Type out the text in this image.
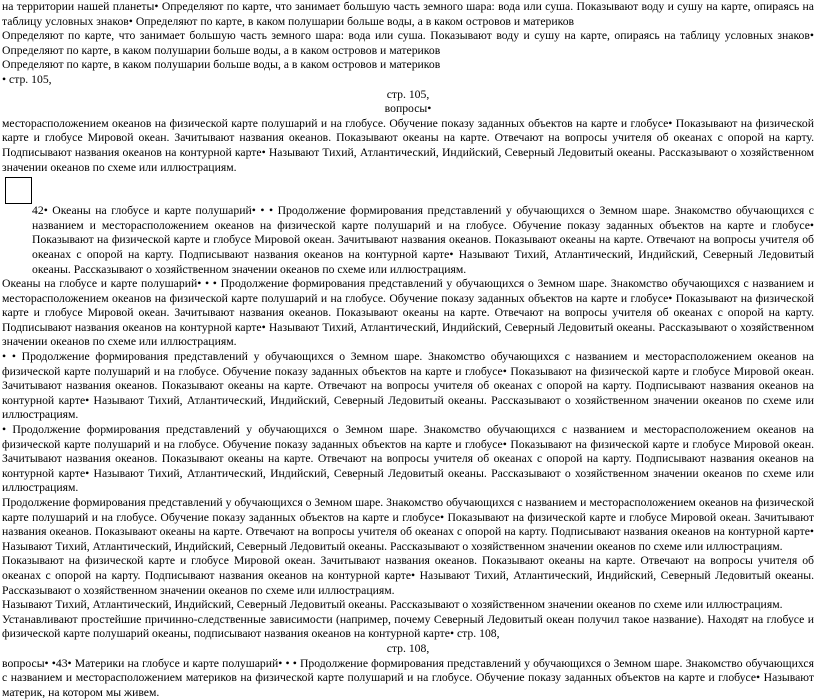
на территории нашей планеты• Определяют по карте, что занимает большую часть земного шара: вода или суша. Показывают воду и сушу на карте, опираясь на таблицу условных знаков• Определяют по карте, в каком полушарии больше воды, а в каком островов и материков

Определяют по карте, что занимает большую часть земного шара: вода или суша. Показывают воду и сушу на карте, опираясь на таблицу условных знаков• Определяют по карте, в каком полушарии больше воды, а в каком островов и материков

Определяют по карте, в каком полушарии больше воды, а в каком островов и материков

• стр. 105,

стр. 105,

вопросы•

месторасположением океанов на физической карте полушарий и на глобусе. Обучение показу заданных объектов на карте и глобусе• Показывают на физической карте и глобусе Мировой океан. Зачитывают названия океанов. Показывают океаны на карте. Отвечают на вопросы учителя об океанах с опорой на карту. Подписывают названия океанов на контурной карте• Называют Тихий, Атлантический, Индийский, Северный Ледовитый океаны. Рассказывают о хозяйственном значении океанов по схеме или иллюстрациям.

42• Океаны на глобусе и карте полушарий• • • Продолжение формирования представлений у обучающихся о Земном шаре. Знакомство обучающихся с названием и месторасположением океанов на физической карте полушарий и на глобусе. Обучение показу заданных объектов на карте и глобусе• Показывают на физической карте и глобусе Мировой океан. Зачитывают названия океанов. Показывают океаны на карте. Отвечают на вопросы учителя об океанах с опорой на карту. Подписывают названия океанов на контурной карте• Называют Тихий, Атлантический, Индийский, Северный Ледовитый океаны. Рассказывают о хозяйственном значении океанов по схеме или иллюстрациям.

Океаны на глобусе и карте полушарий• • • Продолжение формирования представлений у обучающихся о Земном шаре. Знакомство обучающихся с названием и месторасположением океанов на физической карте полушарий и на глобусе. Обучение показу заданных объектов на карте и глобусе• Показывают на физической карте и глобусе Мировой океан. Зачитывают названия океанов. Показывают океаны на карте. Отвечают на вопросы учителя об океанах с опорой на карту. Подписывают названия океанов на контурной карте• Называют Тихий, Атлантический, Индийский, Северный Ледовитый океаны. Рассказывают о хозяйственном значении океанов по схеме или иллюстрациям.

• • Продолжение формирования представлений у обучающихся о Земном шаре. Знакомство обучающихся с названием и месторасположением океанов на физической карте полушарий и на глобусе. Обучение показу заданных объектов на карте и глобусе• Показывают на физической карте и глобусе Мировой океан. Зачитывают названия океанов. Показывают океаны на карте. Отвечают на вопросы учителя об океанах с опорой на карту. Подписывают названия океанов на контурной карте• Называют Тихий, Атлантический, Индийский, Северный Ледовитый океаны. Рассказывают о хозяйственном значении океанов по схеме или иллюстрациям.

• Продолжение формирования представлений у обучающихся о Земном шаре. Знакомство обучающихся с названием и месторасположением океанов на физической карте полушарий и на глобусе. Обучение показу заданных объектов на карте и глобусе• Показывают на физической карте и глобусе Мировой океан. Зачитывают названия океанов. Показывают океаны на карте. Отвечают на вопросы учителя об океанах с опорой на карту. Подписывают названия океанов на контурной карте• Называют Тихий, Атлантический, Индийский, Северный Ледовитый океаны. Рассказывают о хозяйственном значении океанов по схеме или иллюстрациям.

Продолжение формирования представлений у обучающихся о Земном шаре. Знакомство обучающихся с названием и месторасположением океанов на физической карте полушарий и на глобусе. Обучение показу заданных объектов на карте и глобусе• Показывают на физической карте и глобусе Мировой океан. Зачитывают названия океанов. Показывают океаны на карте. Отвечают на вопросы учителя об океанах с опорой на карту. Подписывают названия океанов на контурной карте• Называют Тихий, Атлантический, Индийский, Северный Ледовитый океаны. Рассказывают о хозяйственном значении океанов по схеме или иллюстрациям.

Показывают на физической карте и глобусе Мировой океан. Зачитывают названия океанов. Показывают океаны на карте. Отвечают на вопросы учителя об океанах с опорой на карту. Подписывают названия океанов на контурной карте• Называют Тихий, Атлантический, Индийский, Северный Ледовитый океаны. Рассказывают о хозяйственном значении океанов по схеме или иллюстрациям.

Называют Тихий, Атлантический, Индийский, Северный Ледовитый океаны. Рассказывают о хозяйственном значении океанов по схеме или иллюстрациям.

Устанавливают простейшие причинно-следственные зависимости (например, почему Северный Ледовитый океан получил такое название). Находят на глобусе и физической карте полушарий океаны, подписывают названия океанов на контурной карте• стр. 108,

стр. 108,

вопросы• •43• Материки на глобусе и карте полушарий• • • Продолжение формирования представлений у обучающихся о Земном шаре. Знакомство обучающихся с названием и месторасположением материков на физической карте полушарий и на глобусе. Обучение показу заданных объектов на карте и глобусе• Называют материк, на котором мы живем.
